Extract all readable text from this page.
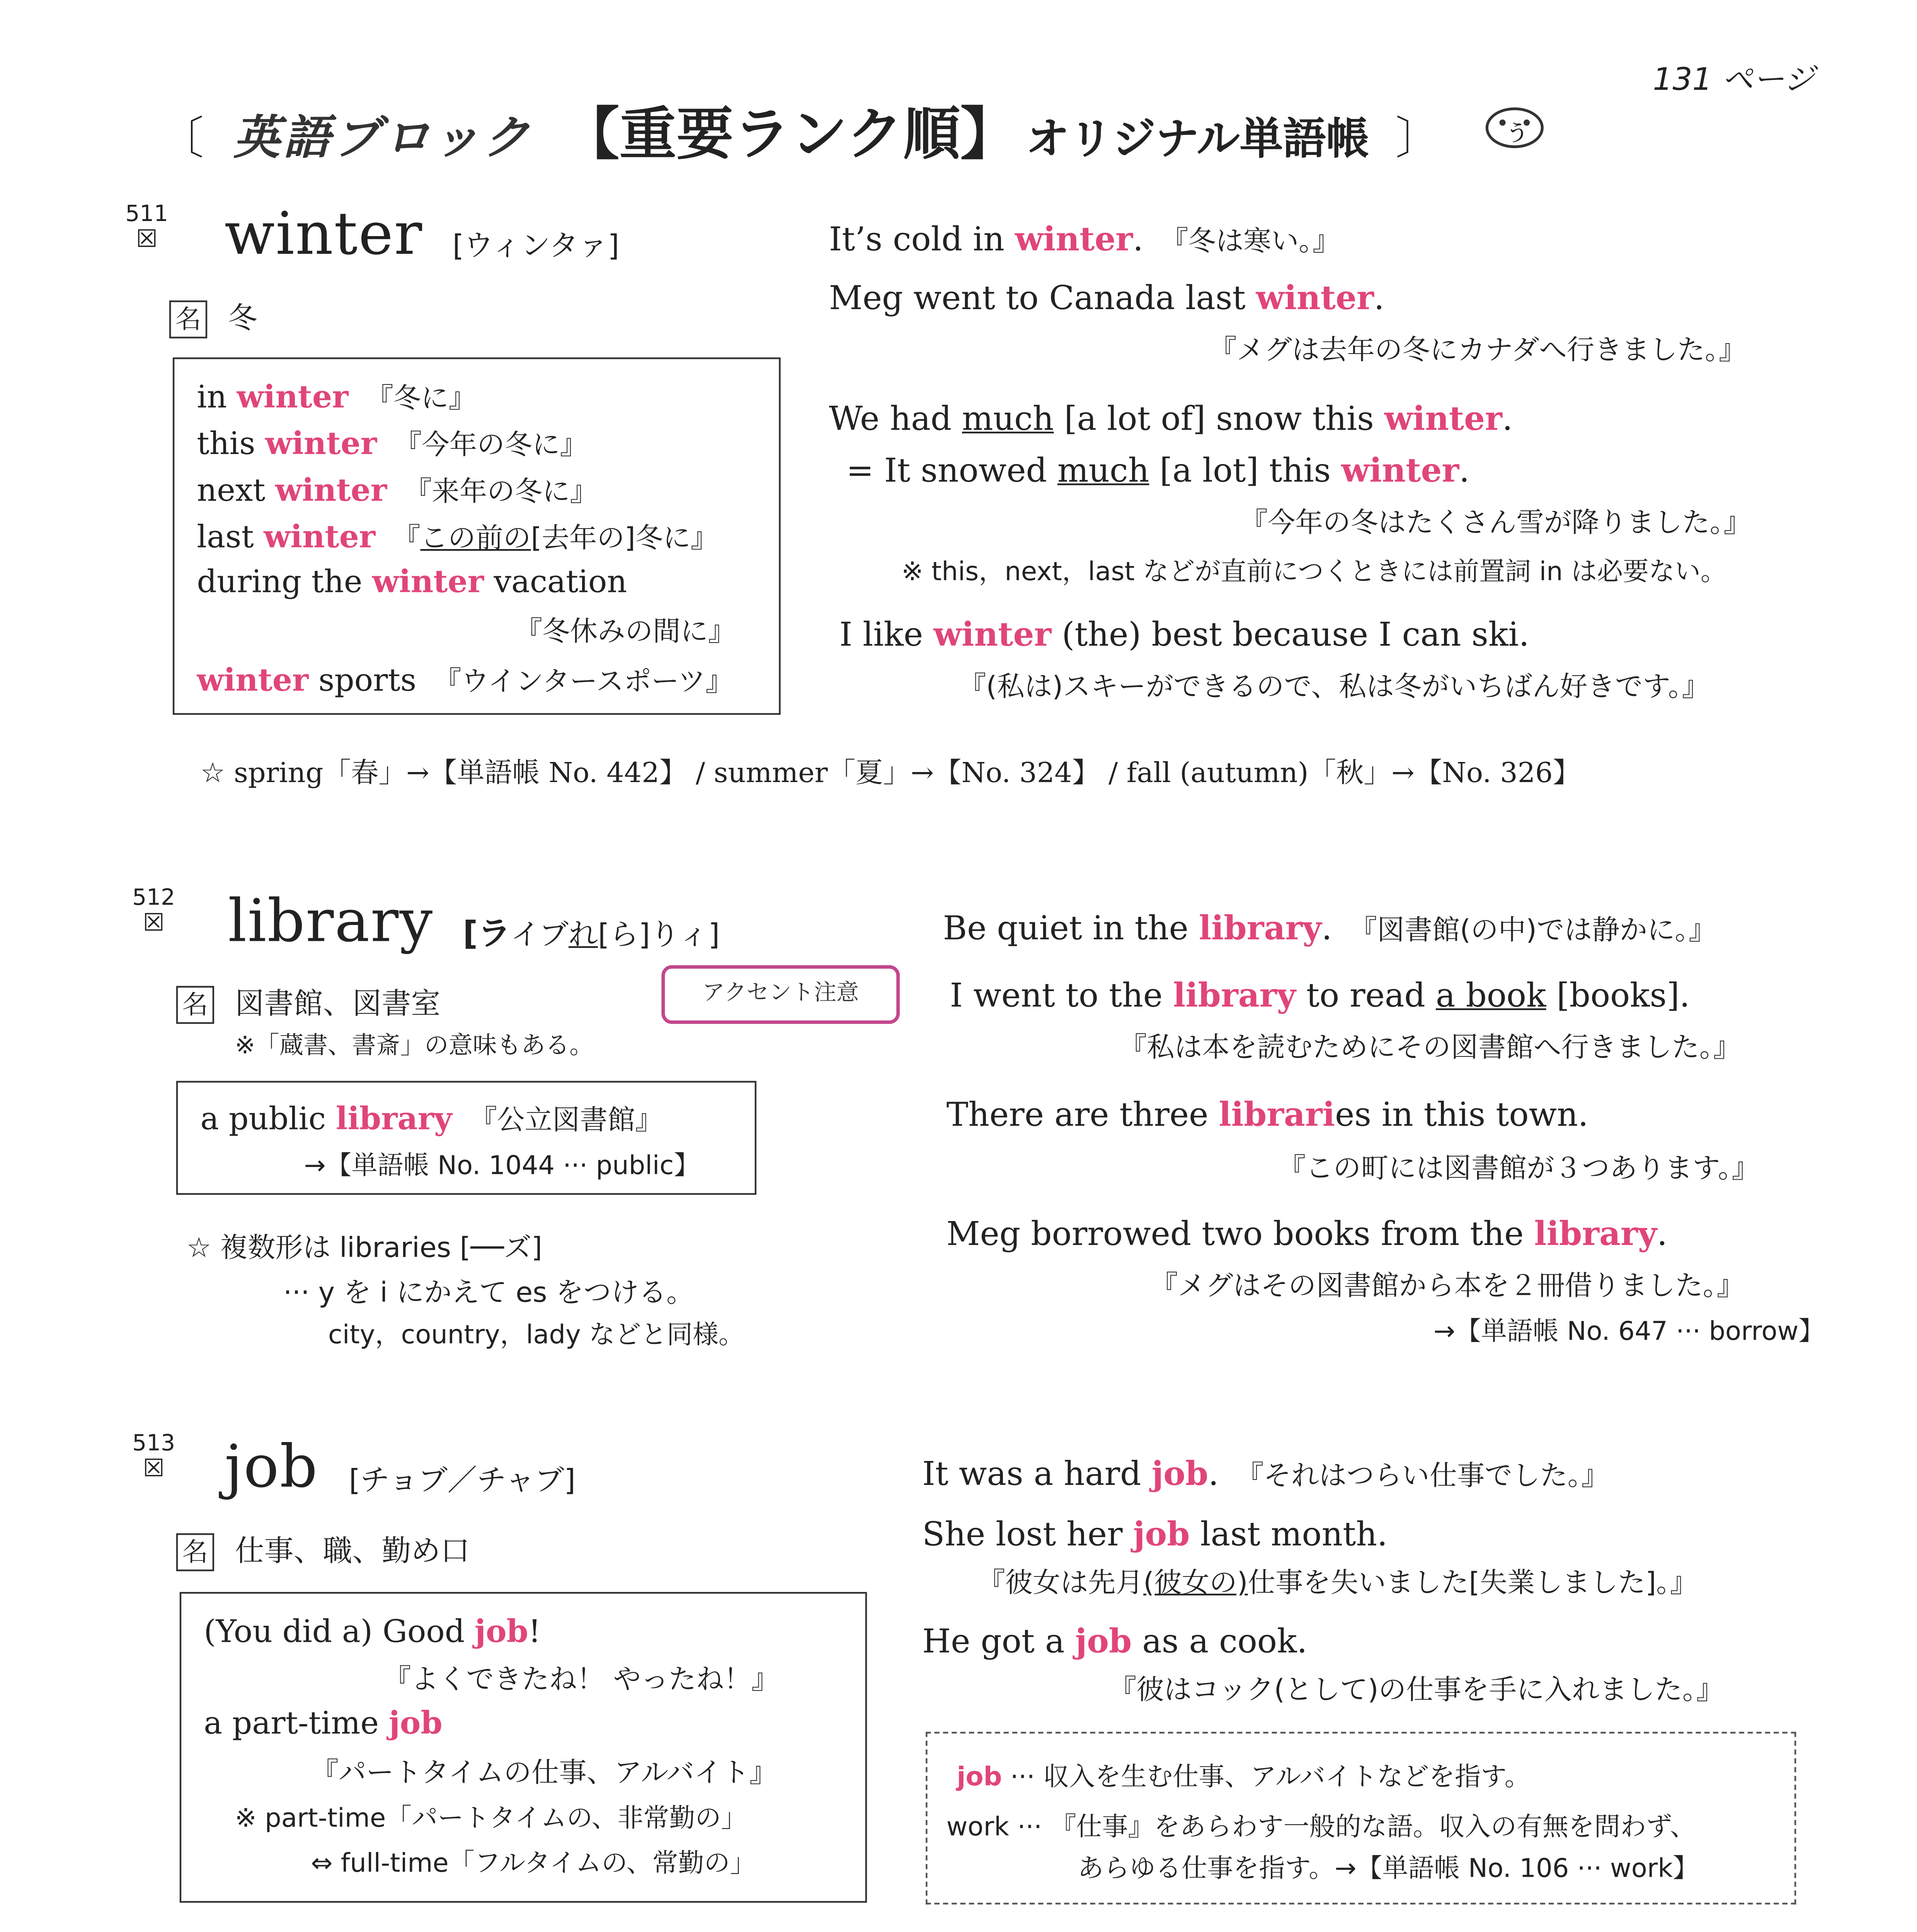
131 ページ
〔	英語ブロック 【重要ランク順】 オリジナル単語帳	〕	ぅ
511
☒	winter	[ウィンタァ]
名	冬
in winter	『冬に』
this winter	『今年の冬に』
next winter	『来年の冬に』
last winter	『この前の[去年の]冬に』
during the winter vacation
『冬休みの間に』
winter sports	『ウインタースポーツ』
It’s cold in winter.	『冬は寒い。』
Meg went to Canada last winter.
『メグは去年の冬にカナダへ行きました。』
We had much [a lot of] snow this winter.
= It snowed much [a lot] this winter.
『今年の冬はたくさん雪が降りました。』
※ this，next，last などが直前につくときには前置詞 in は必要ない。
I like winter (the) best because I can ski.
『(私は)スキーができるので、私は冬がいちばん好きです。』
☆ spring「春」→【単語帳 No. 442】 / summer「夏」→【No. 324】 / fall (autumn)「秋」→【No. 326】
512
☒	library	[ライブれ[ら]りィ]
アクセント注意
名	図書館、図書室
※「蔵書、書斎」の意味もある。
a public library	『公立図書館』
→【単語帳 No. 1044 ··· public】
☆ 複数形は libraries [──ズ]
··· y を i にかえて es をつける。
city，country，lady などと同様。
Be quiet in the library.	『図書館(の中)では静かに。』
I went to the library to read a book [books].
『私は本を読むためにその図書館へ行きました。』
There are three libraries in this town.
『この町には図書館が３つあります。』
Meg borrowed two books from the library.
『メグはその図書館から本を２冊借りました。』
→【単語帳 No. 647 ··· borrow】
513
☒	job	[チョブ／チャブ]
名	仕事、職、勤め口
(You did a) Good job!
『よくできたね！ やったね！』
a part-time job
『パートタイムの仕事、アルバイト』
※ part-time「パートタイムの、非常勤の」
⇔ full-time「フルタイムの、常勤の」
It was a hard job.	『それはつらい仕事でした。』
She lost her job last month.
『彼女は先月(彼女の)仕事を失いました[失業しました]。』
He got a job as a cook.
『彼はコック(として)の仕事を手に入れました。』
job ··· 収入を生む仕事、アルバイトなどを指す。
work ··· 『仕事』をあらわす一般的な語。収入の有無を問わず、
あらゆる仕事を指す。→【単語帳 No. 106 ··· work】
